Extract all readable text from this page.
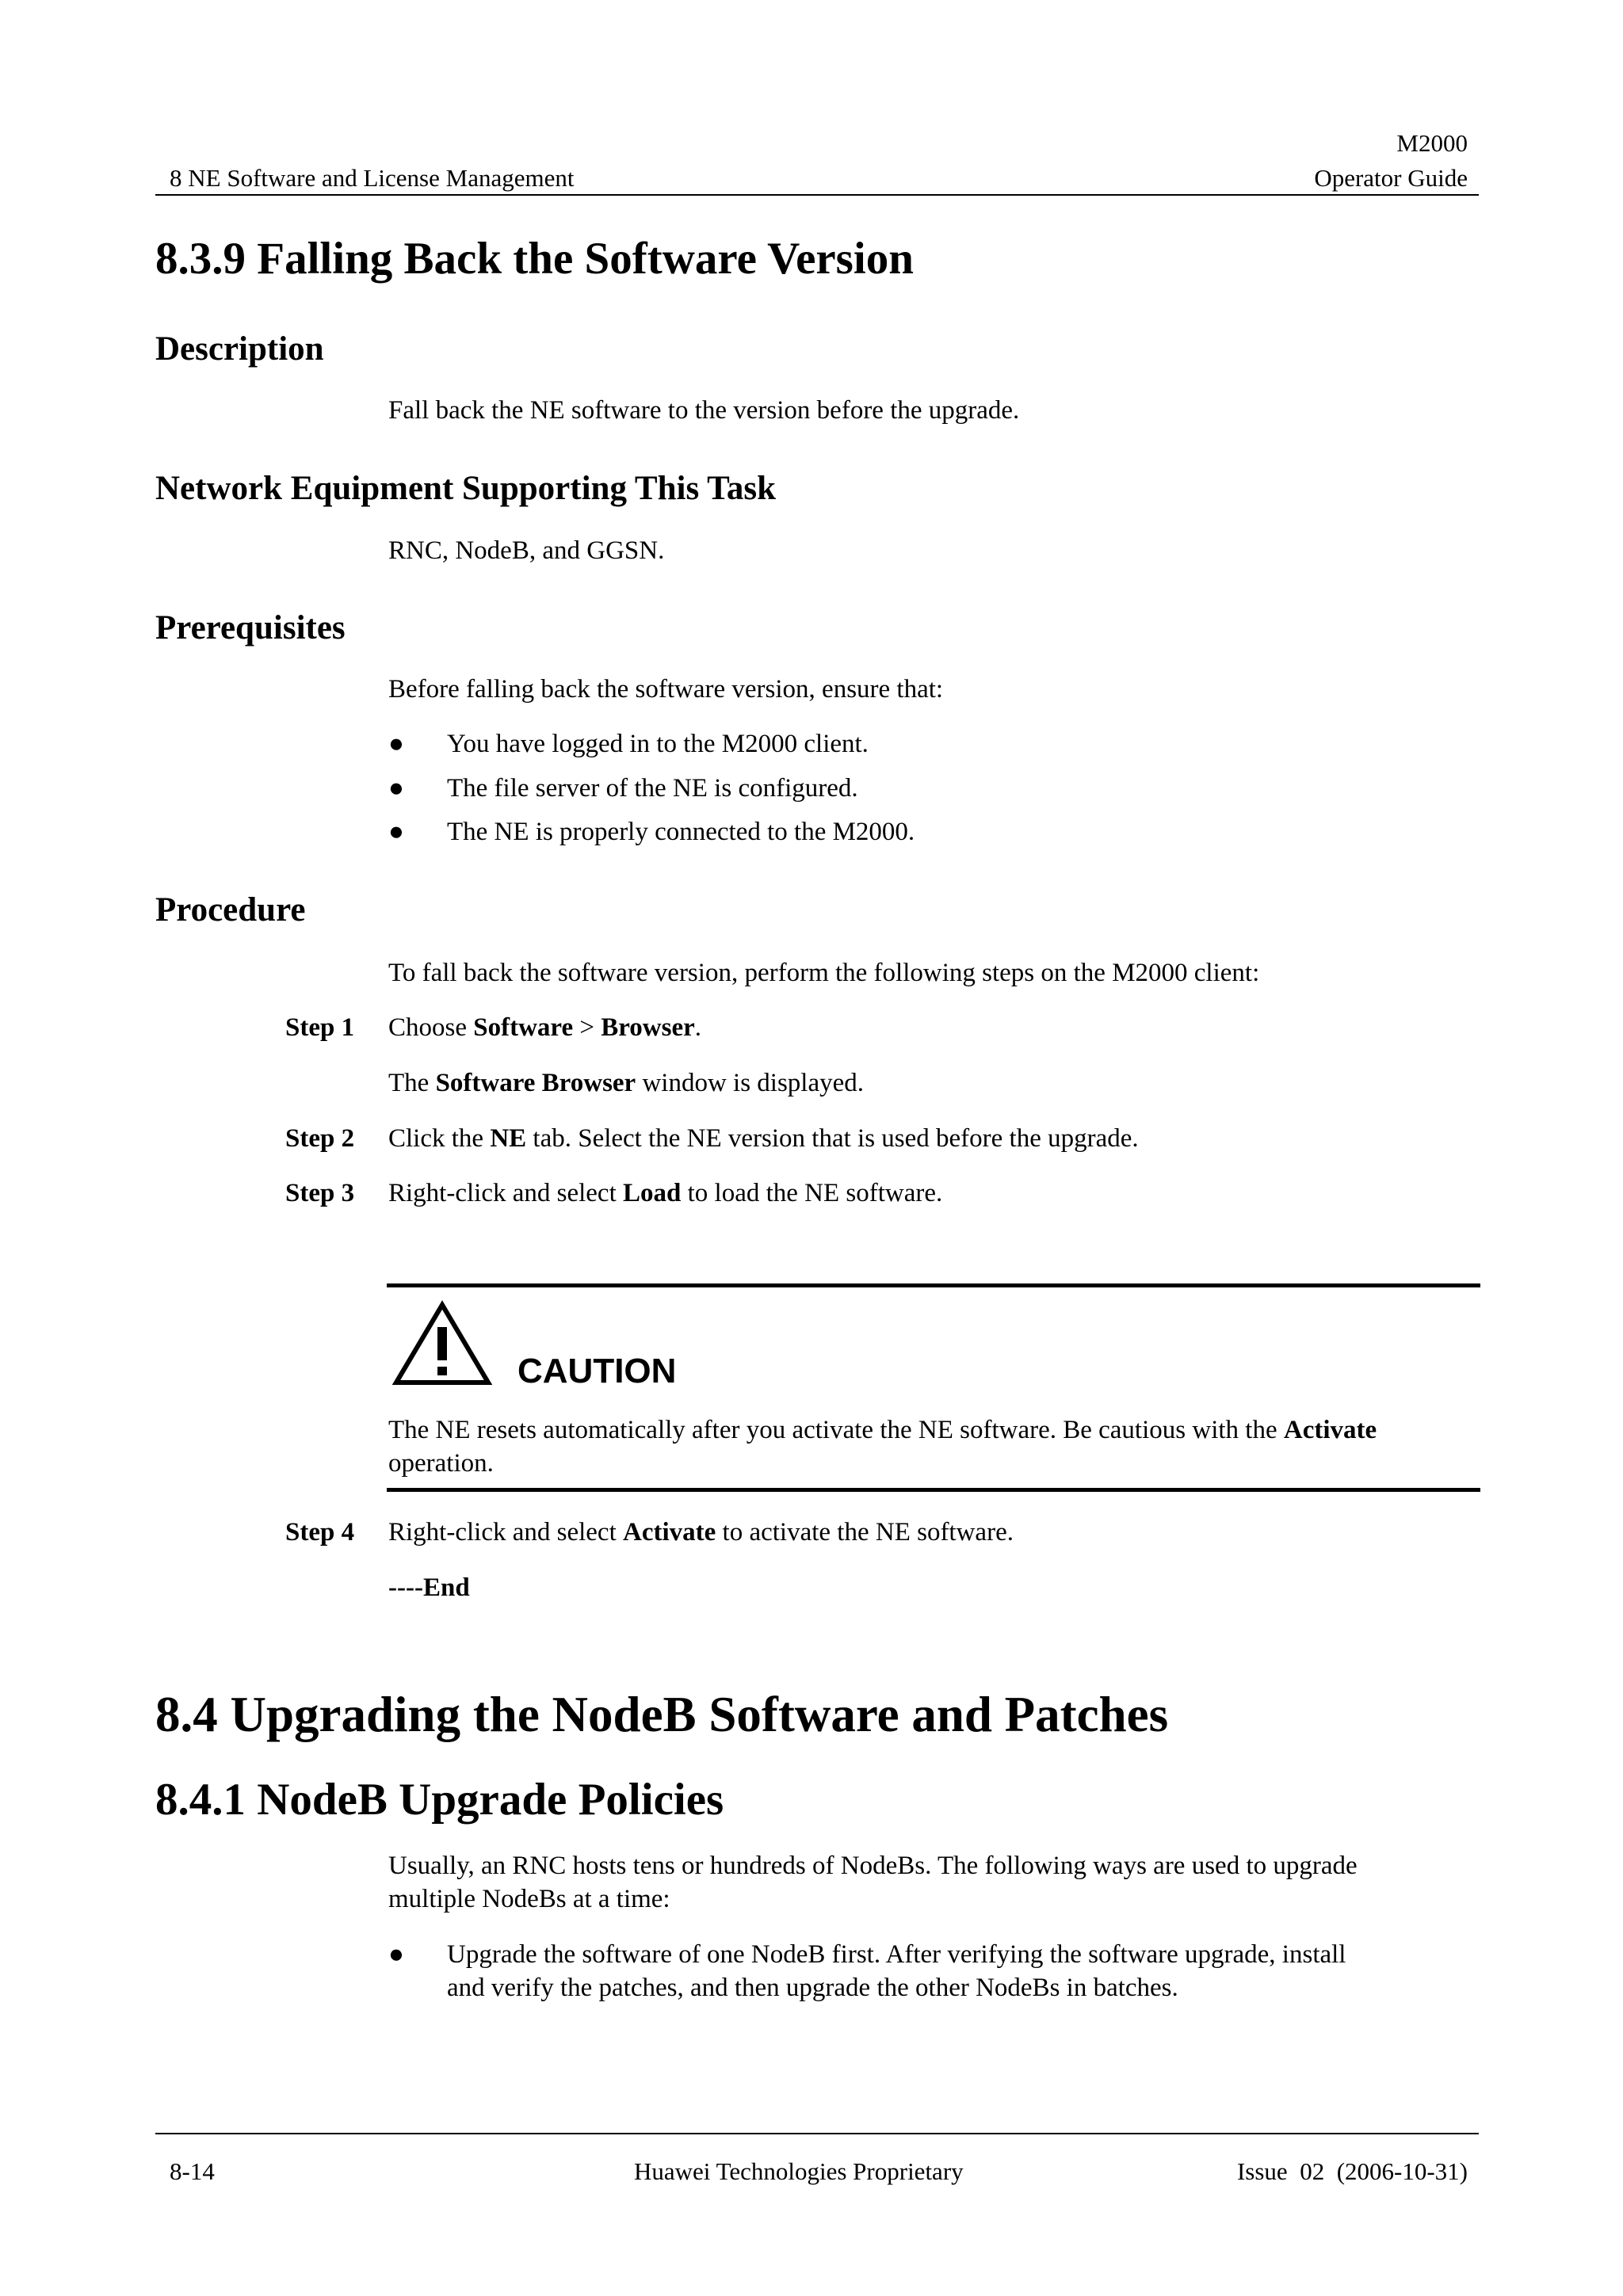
M2000
8 NE Software and License Management	Operator Guide
8.3.9 Falling Back the Software Version
Description
Fall back the NE software to the version before the upgrade.
Network Equipment Supporting This Task
RNC, NodeB, and GGSN.
Prerequisites
Before falling back the software version, ensure that:
● You have logged in to the M2000 client.
● The file server of the NE is configured.
● The NE is properly connected to the M2000.
Procedure
To fall back the software version, perform the following steps on the M2000 client:
Step 1 Choose Software > Browser.
The Software Browser window is displayed.
Step 2 Click the NE tab. Select the NE version that is used before the upgrade.
Step 3 Right-click and select Load to load the NE software.
CAUTION
The NE resets automatically after you activate the NE software. Be cautious with the Activate
operation.
Step 4 Right-click and select Activate to activate the NE software.
----End
8.4 Upgrading the NodeB Software and Patches
8.4.1 NodeB Upgrade Policies
Usually, an RNC hosts tens or hundreds of NodeBs. The following ways are used to upgrade
multiple NodeBs at a time:
● Upgrade the software of one NodeB first. After verifying the software upgrade, install
and verify the patches, and then upgrade the other NodeBs in batches.
8-14	Huawei Technologies Proprietary	Issue  02  (2006-10-31)
